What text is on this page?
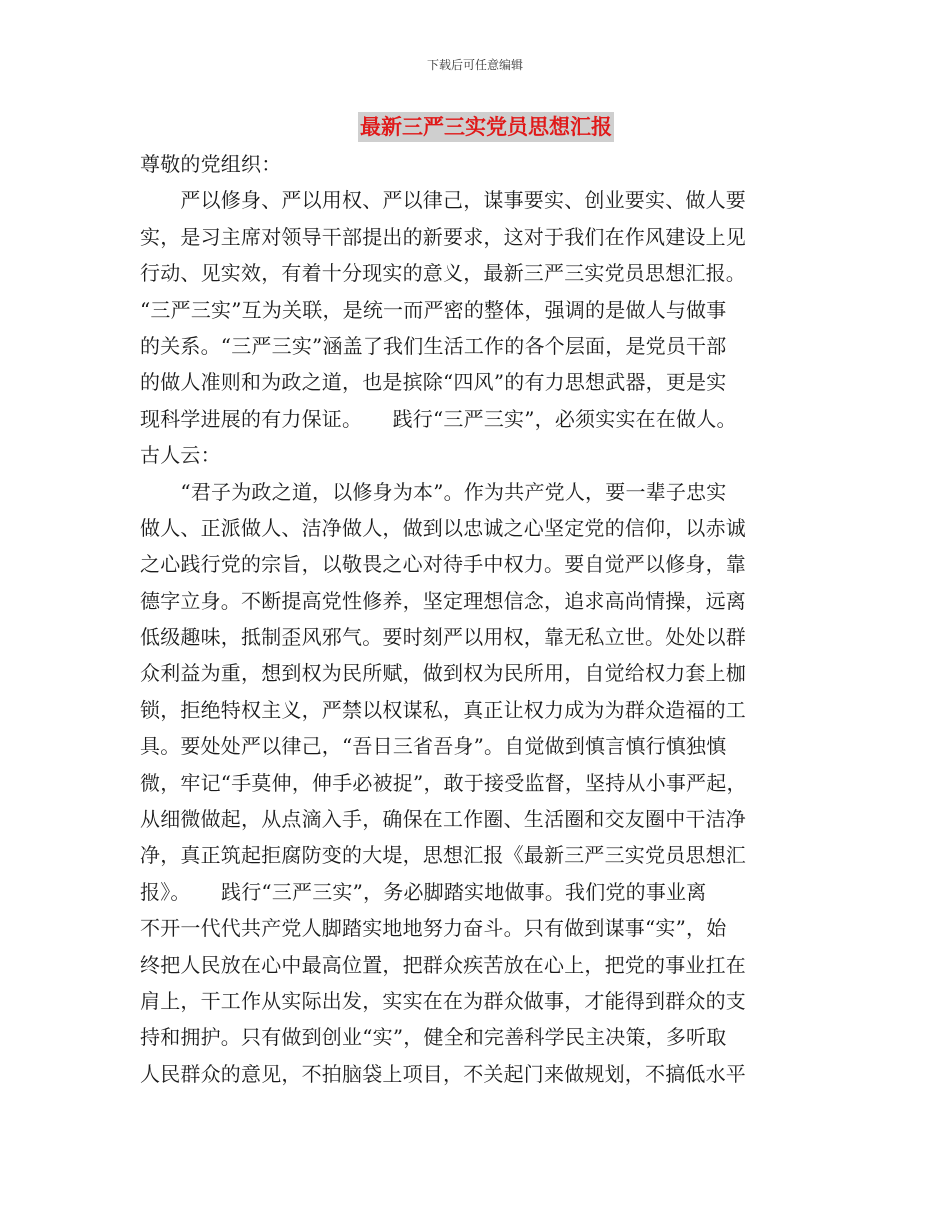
下载后可任意编辑
最新三严三实党员思想汇报
尊敬的党组织：
　　严以修身、严以用权、严以律己，谋事要实、创业要实、做人要
实，是习主席对领导干部提出的新要求，这对于我们在作风建设上见
行动、见实效，有着十分现实的意义，最新三严三实党员思想汇报。
“三严三实”互为关联，是统一而严密的整体，强调的是做人与做事
的关系。“三严三实”涵盖了我们生活工作的各个层面，是党员干部
的做人准则和为政之道，也是摈除“四风”的有力思想武器，更是实
现科学进展的有力保证。　　践行“三严三实”，必须实实在在做人。
古人云：
　　“君子为政之道，以修身为本”。作为共产党人，要一辈子忠实
做人、正派做人、洁净做人，做到以忠诚之心坚定党的信仰，以赤诚
之心践行党的宗旨，以敬畏之心对待手中权力。要自觉严以修身，靠
德字立身。不断提高党性修养，坚定理想信念，追求高尚情操，远离
低级趣味，抵制歪风邪气。要时刻严以用权，靠无私立世。处处以群
众利益为重，想到权为民所赋，做到权为民所用，自觉给权力套上枷
锁，拒绝特权主义，严禁以权谋私，真正让权力成为为群众造福的工
具。要处处严以律己，“吾日三省吾身”。自觉做到慎言慎行慎独慎
微，牢记“手莫伸，伸手必被捉”，敢于接受监督，坚持从小事严起，
从细微做起，从点滴入手，确保在工作圈、生活圈和交友圈中干洁净
净，真正筑起拒腐防变的大堤，思想汇报《最新三严三实党员思想汇
报》。　　践行“三严三实”，务必脚踏实地做事。我们党的事业离
不开一代代共产党人脚踏实地地努力奋斗。只有做到谋事“实”，始
终把人民放在心中最高位置，把群众疾苦放在心上，把党的事业扛在
肩上，干工作从实际出发，实实在在为群众做事，才能得到群众的支
持和拥护。只有做到创业“实”，健全和完善科学民主决策，多听取
人民群众的意见，不拍脑袋上项目，不关起门来做规划，不搞低水平
